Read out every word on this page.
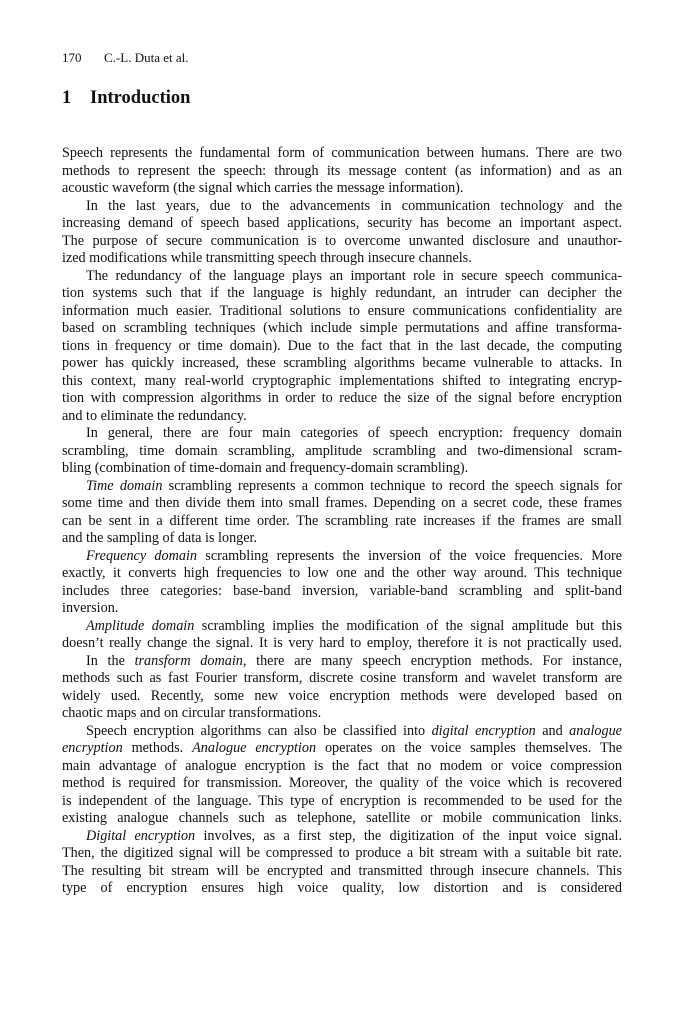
170 C.-L. Duta et al.
1 Introduction
Speech represents the fundamental form of communication between humans. There are two
methods to represent the speech: through its message content (as information) and as an
acoustic waveform (the signal which carries the message information).
In the last years, due to the advancements in communication technology and the
increasing demand of speech based applications, security has become an important aspect.
The purpose of secure communication is to overcome unwanted disclosure and unauthor-
ized modifications while transmitting speech through insecure channels.
The redundancy of the language plays an important role in secure speech communica-
tion systems such that if the language is highly redundant, an intruder can decipher the
information much easier. Traditional solutions to ensure communications confidentiality are
based on scrambling techniques (which include simple permutations and affine transforma-
tions in frequency or time domain). Due to the fact that in the last decade, the computing
power has quickly increased, these scrambling algorithms became vulnerable to attacks. In
this context, many real-world cryptographic implementations shifted to integrating encryp-
tion with compression algorithms in order to reduce the size of the signal before encryption
and to eliminate the redundancy.
In general, there are four main categories of speech encryption: frequency domain
scrambling, time domain scrambling, amplitude scrambling and two-dimensional scram-
bling (combination of time-domain and frequency-domain scrambling).
Time domain scrambling represents a common technique to record the speech signals for
some time and then divide them into small frames. Depending on a secret code, these frames
can be sent in a different time order. The scrambling rate increases if the frames are small
and the sampling of data is longer.
Frequency domain scrambling represents the inversion of the voice frequencies. More
exactly, it converts high frequencies to low one and the other way around. This technique
includes three categories: base-band inversion, variable-band scrambling and split-band
inversion.
Amplitude domain scrambling implies the modification of the signal amplitude but this
doesn’t really change the signal. It is very hard to employ, therefore it is not practically used.
In the transform domain, there are many speech encryption methods. For instance,
methods such as fast Fourier transform, discrete cosine transform and wavelet transform are
widely used. Recently, some new voice encryption methods were developed based on
chaotic maps and on circular transformations.
Speech encryption algorithms can also be classified into digital encryption and analogue
encryption methods. Analogue encryption operates on the voice samples themselves. The
main advantage of analogue encryption is the fact that no modem or voice compression
method is required for transmission. Moreover, the quality of the voice which is recovered
is independent of the language. This type of encryption is recommended to be used for the
existing analogue channels such as telephone, satellite or mobile communication links.
Digital encryption involves, as a first step, the digitization of the input voice signal.
Then, the digitized signal will be compressed to produce a bit stream with a suitable bit rate.
The resulting bit stream will be encrypted and transmitted through insecure channels. This
type of encryption ensures high voice quality, low distortion and is considered
